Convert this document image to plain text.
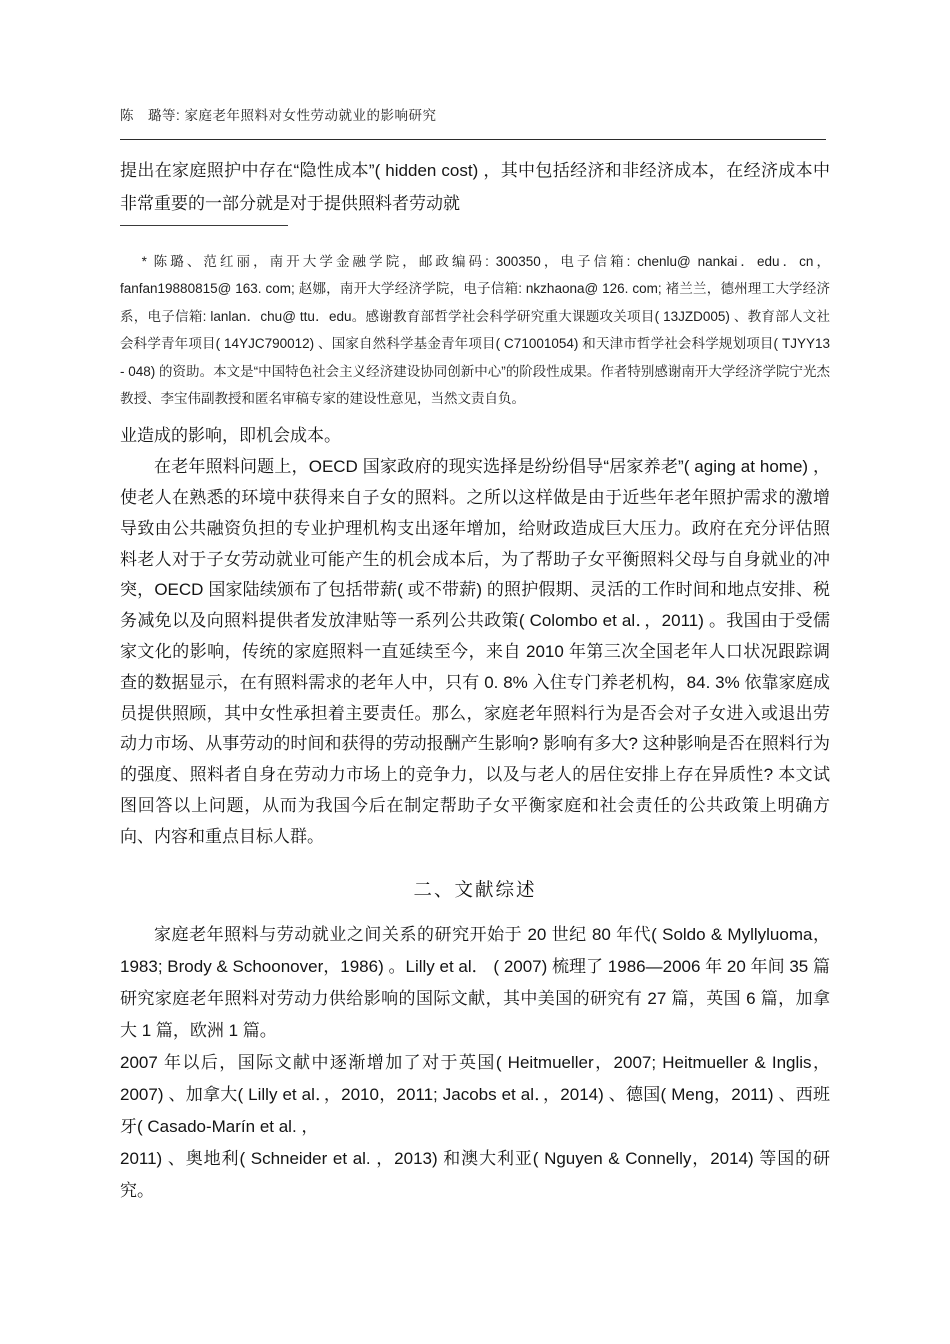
陈　璐等: 家庭老年照料对女性劳动就业的影响研究

提出在家庭照护中存在“隐性成本”( hidden cost) ，其中包括经济和非经济成本，在经济成本中非常重要的一部分就是对于提供照料者劳动就

* 陈璐、范红丽，南开大学金融学院，邮政编码: 300350，电子信箱: chenlu@ nankai．edu．cn，fanfan19880815@ 163. com; 赵娜，南开大学经济学院，电子信箱: nkzhaona@ 126. com; 褚兰兰，德州理工大学经济系，电子信箱: lanlan．chu@ ttu．edu。感谢教育部哲学社会科学研究重大课题攻关项目( 13JZD005) 、教育部人文社会科学青年项目( 14YJC790012) 、国家自然科学基金青年项目( C71001054) 和天津市哲学社会科学规划项目( TJYY13 - 048) 的资助。本文是“中国特色社会主义经济建设协同创新中心”的阶段性成果。作者特别感谢南开大学经济学院宁光杰教授、李宝伟副教授和匿名审稿专家的建设性意见，当然文责自负。

业造成的影响，即机会成本。

在老年照料问题上，OECD 国家政府的现实选择是纷纷倡导“居家养老”( aging at home) ，使老人在熟悉的环境中获得来自子女的照料。之所以这样做是由于近些年老年照护需求的激增导致由公共融资负担的专业护理机构支出逐年增加，给财政造成巨大压力。政府在充分评估照料老人对于子女劳动就业可能产生的机会成本后，为了帮助子女平衡照料父母与自身就业的冲突，OECD 国家陆续颁布了包括带薪( 或不带薪) 的照护假期、灵活的工作时间和地点安排、税务减免以及向照料提供者发放津贴等一系列公共政策( Colombo et al．，2011) 。我国由于受儒家文化的影响，传统的家庭照料一直延续至今，来自 2010 年第三次全国老年人口状况跟踪调查的数据显示，在有照料需求的老年人中，只有 0. 8% 入住专门养老机构，84. 3% 依靠家庭成员提供照顾，其中女性承担着主要责任。那么，家庭老年照料行为是否会对子女进入或退出劳动力市场、从事劳动的时间和获得的劳动报酬产生影响? 影响有多大? 这种影响是否在照料行为的强度、照料者自身在劳动力市场上的竞争力，以及与老人的居住安排上存在异质性? 本文试图回答以上问题，从而为我国今后在制定帮助子女平衡家庭和社会责任的公共政策上明确方向、内容和重点目标人群。

二、文献综述

家庭老年照料与劳动就业之间关系的研究开始于 20 世纪 80 年代( Soldo & Myllyluoma，1983; Brody & Schoonover，1986) 。Lilly et al． ( 2007) 梳理了 1986—2006 年 20 年间 35 篇研究家庭老年照料对劳动力供给影响的国际文献，其中美国的研究有 27 篇，英国 6 篇，加拿大 1 篇，欧洲 1 篇。

2007 年以后，国际文献中逐渐增加了对于英国( Heitmueller，2007; Heitmueller & Inglis，2007) 、加拿大( Lilly et al．，2010，2011; Jacobs et al．，2014) 、德国( Meng，2011) 、西班牙( Casado-Marín et al. ，

2011) 、奥地利( Schneider et al. ，2013) 和澳大利亚( Nguyen & Connelly，2014) 等国的研究。
